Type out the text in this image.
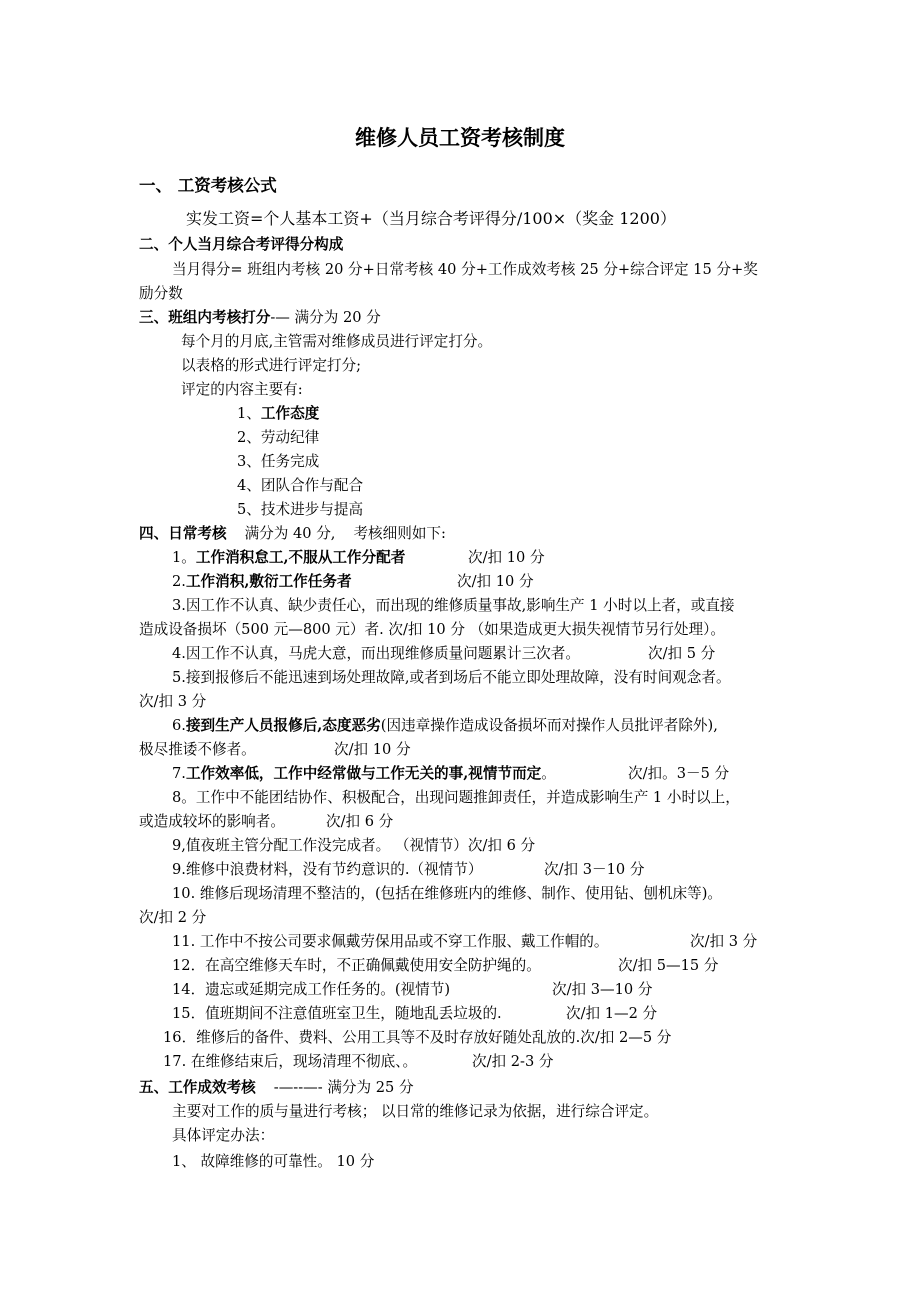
维修人员工资考核制度
一、 工资考核公式
实发工资=个人基本工资+（当月综合考评得分/100×（奖金 1200）
二、个人当月综合考评得分构成
当月得分= 班组内考核 20 分+日常考核 40 分+工作成效考核 25 分+综合评定 15 分+奖
励分数
三、班组内考核打分-— 满分为 20 分
每个月的月底,主管需对维修成员进行评定打分。
以表格的形式进行评定打分;
评定的内容主要有:
1、工作态度
2、劳动纪律
3、任务完成
4、团队合作与配合
5、技术进步与提高
四、日常考核 满分为 40 分, 考核细则如下:
1。工作消积怠工,不服从工作分配者	次/扣 10 分
2.工作消积,敷衍工作任务者	次/扣 10 分
3.因工作不认真、缺少责任心，而出现的维修质量事故,影响生产 1 小时以上者，或直接
造成设备损坏（500 元—800 元）者. 次/扣 10 分 （如果造成更大损失视情节另行处理）。
4.因工作不认真，马虎大意，而出现维修质量问题累计三次者。	次/扣 5 分
5.接到报修后不能迅速到场处理故障,或者到场后不能立即处理故障，没有时间观念者。
次/扣 3 分
6.接到生产人员报修后,态度恶劣(因违章操作造成设备损坏而对操作人员批评者除外),
极尽推诿不修者。	次/扣 10 分
7.工作效率低，工作中经常做与工作无关的事,视情节而定。	次/扣。3－5 分
8。工作中不能团结协作、积极配合，出现问题推卸责任，并造成影响生产 1 小时以上，
或造成较坏的影响者。	次/扣 6 分
9,值夜班主管分配工作没完成者。 （视情节）次/扣 6 分
9.维修中浪费材料，没有节约意识的.（视情节）	次/扣 3－10 分
10. 维修后现场清理不整洁的，(包括在维修班内的维修、制作、使用钻、刨机床等)。
次/扣 2 分
11. 工作中不按公司要求佩戴劳保用品或不穿工作服、戴工作帽的。	次/扣 3 分
12．在高空维修天车时，不正确佩戴使用安全防护绳的。	次/扣 5—15 分
14．遗忘或延期完成工作任务的。(视情节)	次/扣 3—10 分
15．值班期间不注意值班室卫生，随地乱丢垃圾的.	次/扣 1—2 分
16．维修后的备件、费料、公用工具等不及时存放好随处乱放的.次/扣 2—5 分
17. 在维修结束后，现场清理不彻底、。	次/扣 2-3 分
五、工作成效考核 -—--—- 满分为 25 分
主要对工作的质与量进行考核； 以日常的维修记录为依据，进行综合评定。
具体评定办法：
1、 故障维修的可靠性。 10 分
